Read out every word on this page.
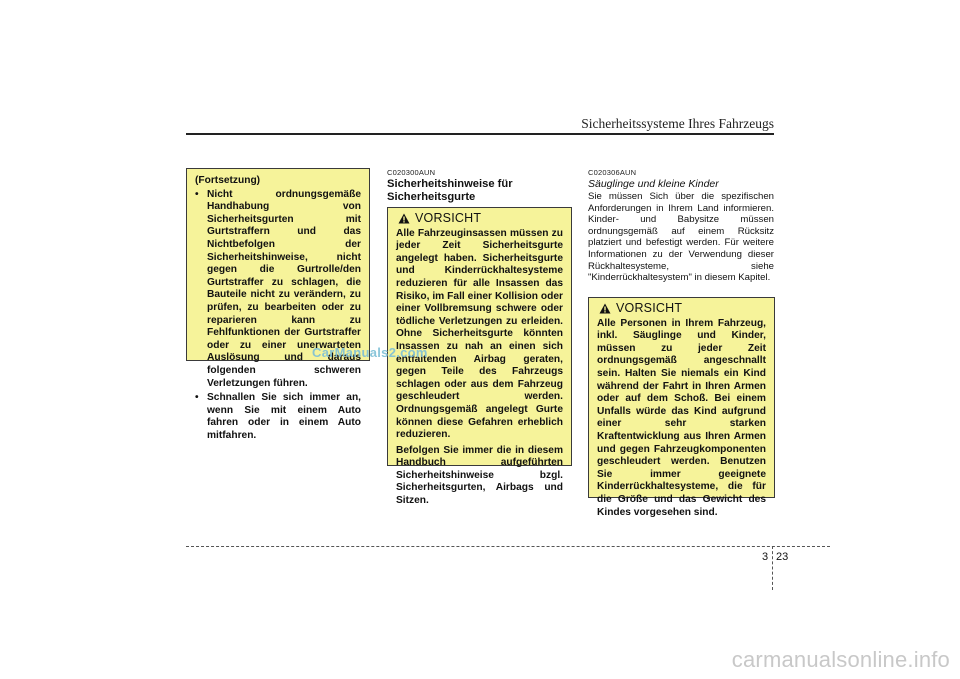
Sicherheitssysteme Ihres Fahrzeugs
(Fortsetzung)
• Nicht ordnungsgemäße Handhabung von Sicherheitsgurten mit Gurtstraffern und das Nichtbefolgen der Sicherheitshinweise, nicht gegen die Gurtrolle/den Gurtstraffer zu schlagen, die Bauteile nicht zu verändern, zu prüfen, zu bearbeiten oder zu reparieren kann zu Fehlfunktionen der Gurtstraffer oder zu einer unerwarteten Auslösung und daraus folgenden schweren Verletzungen führen.
• Schnallen Sie sich immer an, wenn Sie mit einem Auto fahren oder in einem Auto mitfahren.
C020300AUN
Sicherheitshinweise für
Sicherheitsgurte
VORSICHT

Alle Fahrzeuginsassen müssen zu jeder Zeit Sicherheitsgurte angelegt haben. Sicherheitsgurte und Kinderrückhaltesysteme reduzieren für alle Insassen das Risiko, im Fall einer Kollision oder einer Vollbremsung schwere oder tödliche Verletzungen zu erleiden. Ohne Sicherheitsgurte könnten Insassen zu nah an einen sich entfaltenden Airbag geraten, gegen Teile des Fahrzeugs schlagen oder aus dem Fahrzeug geschleudert werden. Ordnungsgemäß angelegt Gurte können diese Gefahren erheblich reduzieren.

Befolgen Sie immer die in diesem Handbuch aufgeführten Sicherheitshinweise bzgl. Sicherheitsgurten, Airbags und Sitzen.

C020306AUN
Säuglinge und kleine Kinder
Sie müssen Sich über die spezifischen Anforderungen in Ihrem Land informieren. Kinder- und Babysitze müssen ordnungsgemäß auf einem Rücksitz platziert und befestigt werden. Für weitere Informationen zu der Verwendung dieser Rückhaltesysteme, siehe "Kinderrückhaltesystem" in diesem Kapitel.
VORSICHT

Alle Personen in Ihrem Fahrzeug, inkl. Säuglinge und Kinder, müssen zu jeder Zeit ordnungsgemäß angeschnallt sein. Halten Sie niemals ein Kind während der Fahrt in Ihren Armen oder auf dem Schoß. Bei einem Unfalls würde das Kind aufgrund einer sehr starken Kraftentwicklung aus Ihren Armen und gegen Fahrzeugkomponenten geschleudert werden. Benutzen Sie immer geeignete Kinderrückhaltesysteme, die für die Größe und das Gewicht des Kindes vorgesehen sind.

CarManuals2.com
3 23
carmanualsonline.info
